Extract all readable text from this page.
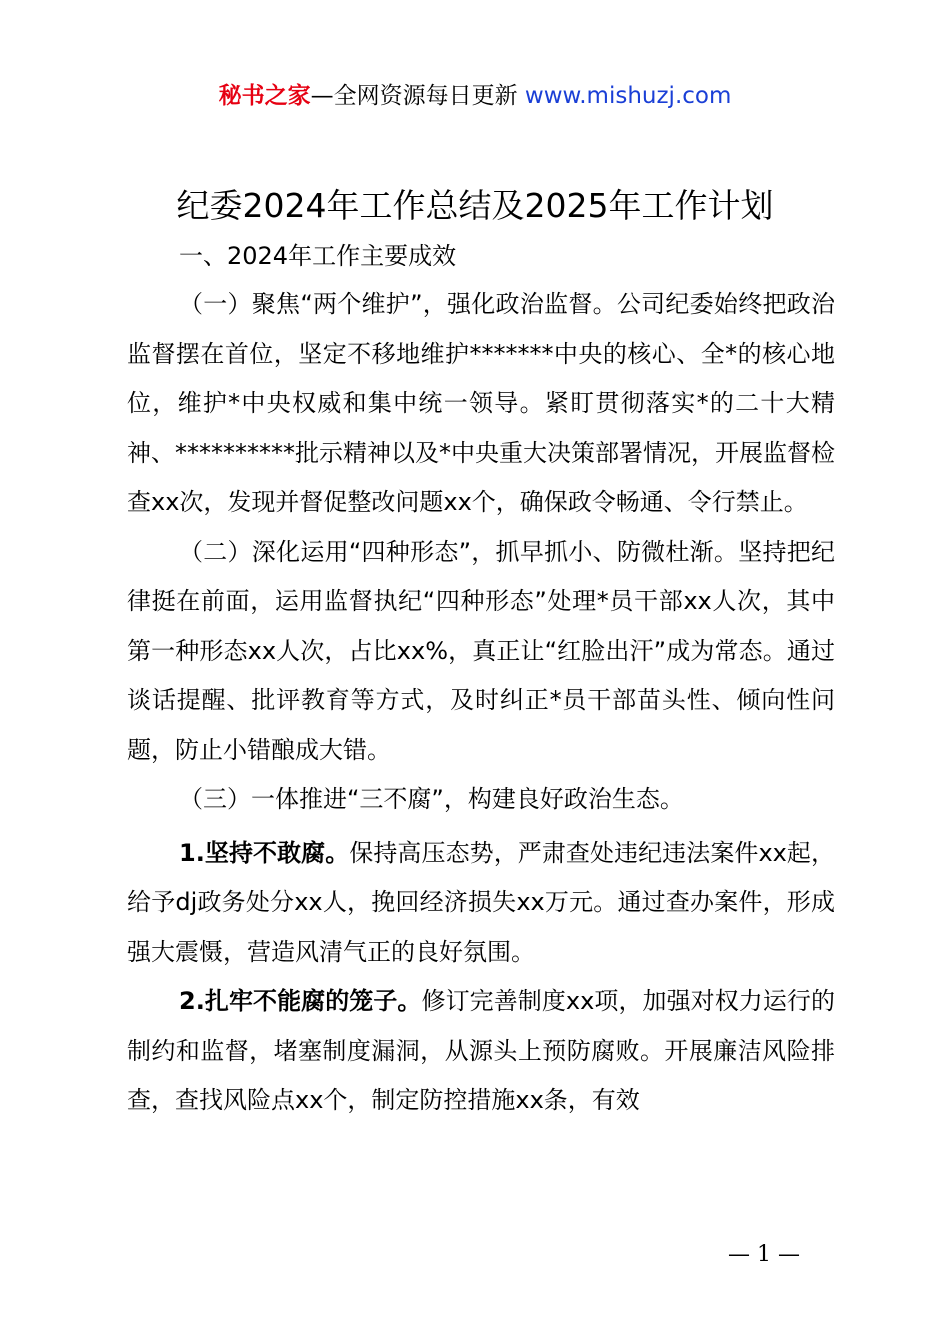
秘书之家—全网资源每日更新 www.mishuzj.com
纪委2024年工作总结及2025年工作计划

一、2024年工作主要成效

（一）聚焦“两个维护”，强化政治监督。公司纪委始终把政治监督摆在首位，坚定不移地维护*******中央的核心、全*的核心地位，维护*中央权威和集中统一领导。紧盯贯彻落实*的二十大精神、**********批示精神以及*中央重大决策部署情况，开展监督检查xx次，发现并督促整改问题xx个，确保政令畅通、令行禁止。

（二）深化运用“四种形态”，抓早抓小、防微杜渐。坚持把纪律挺在前面，运用监督执纪“四种形态”处理*员干部xx人次，其中第一种形态xx人次，占比xx%，真正让“红脸出汗”成为常态。通过谈话提醒、批评教育等方式，及时纠正*员干部苗头性、倾向性问题，防止小错酿成大错。

（三）一体推进“三不腐”，构建良好政治生态。

1.坚持不敢腐。保持高压态势，严肃查处违纪违法案件xx起，给予dj政务处分xx人，挽回经济损失xx万元。通过查办案件，形成强大震慑，营造风清气正的良好氛围。

2.扎牢不能腐的笼子。修订完善制度xx项，加强对权力运行的制约和监督，堵塞制度漏洞，从源头上预防腐败。开展廉洁风险排查，查找风险点xx个，制定防控措施xx条，有效

— 1 —
